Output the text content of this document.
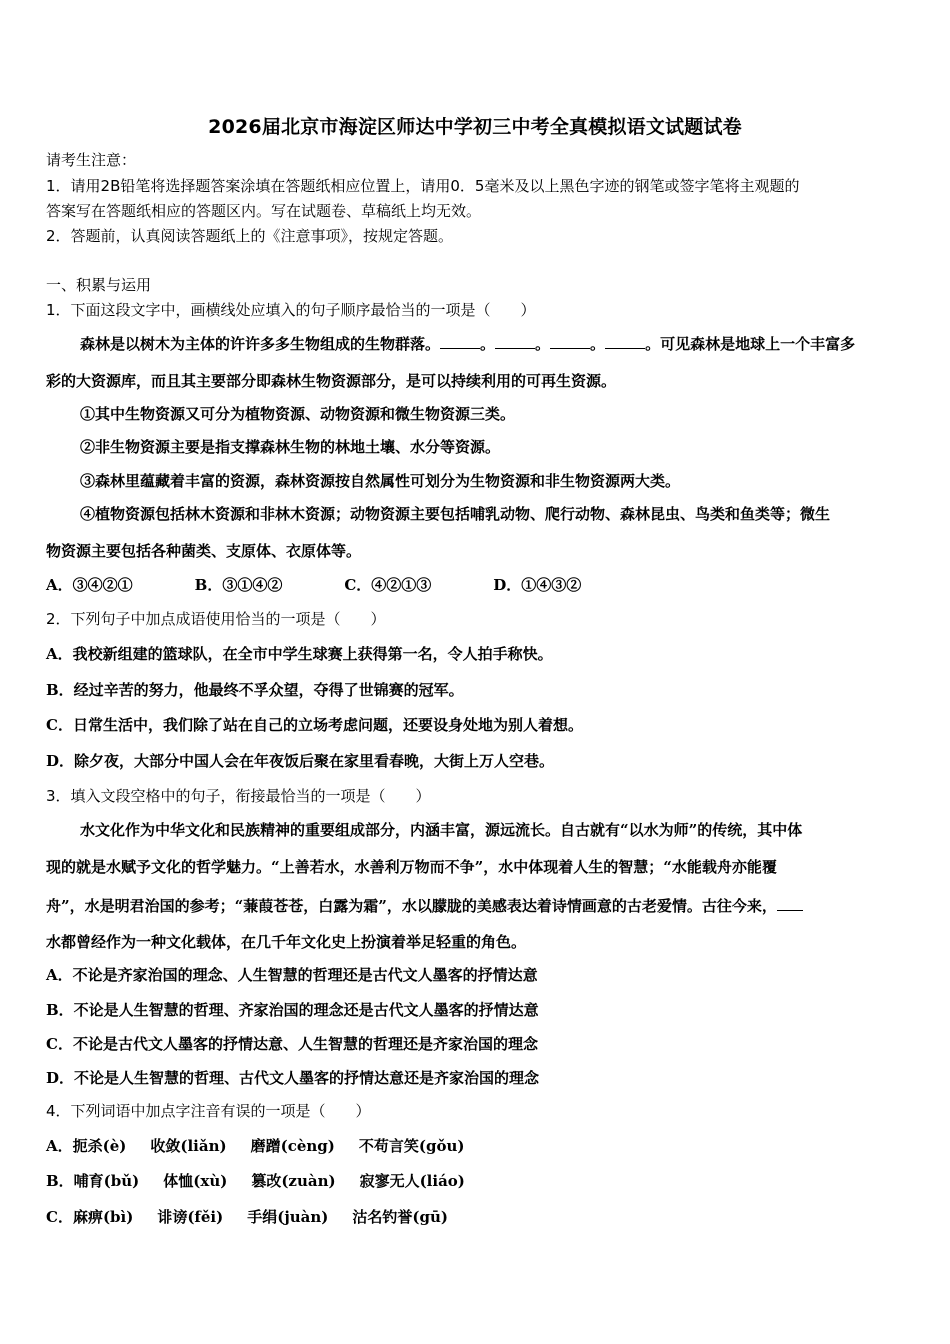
2026届北京市海淀区师达中学初三中考全真模拟语文试题试卷
请考生注意：
1．请用2B铅笔将选择题答案涂填在答题纸相应位置上，请用0．5毫米及以上黑色字迹的钢笔或签字笔将主观题的
答案写在答题纸相应的答题区内。写在试题卷、草稿纸上均无效。
2．答题前，认真阅读答题纸上的《注意事项》，按规定答题。
一、积累与运用
1．下面这段文字中，画横线处应填入的句子顺序最恰当的一项是（　　）
森林是以树木为主体的许许多多生物组成的生物群落。	。	。	。	。可见森林是地球上一个丰富多
彩的大资源库，而且其主要部分即森林生物资源部分，是可以持续利用的可再生资源。
①其中生物资源又可分为植物资源、动物资源和微生物资源三类。
②非生物资源主要是指支撑森林生物的林地土壤、水分等资源。
③森林里蕴藏着丰富的资源，森林资源按自然属性可划分为生物资源和非生物资源两大类。
④植物资源包括林木资源和非林木资源；动物资源主要包括哺乳动物、爬行动物、森林昆虫、鸟类和鱼类等；微生
物资源主要包括各种菌类、支原体、衣原体等。
A．③④②①	B．③①④②	C．④②①③	D．①④③②
2．下列句子中加点成语使用恰当的一项是（　　）
A．我校新组建的篮球队，在全市中学生球赛上获得第一名，令人拍手称快。
B．经过辛苦的努力，他最终不孚众望，夺得了世锦赛的冠军。
C．日常生活中，我们除了站在自己的立场考虑问题，还要设身处地为别人着想。
D．除夕夜，大部分中国人会在年夜饭后聚在家里看春晚，大街上万人空巷。
3．填入文段空格中的句子，衔接最恰当的一项是（　　）
水文化作为中华文化和民族精神的重要组成部分，内涵丰富，源远流长。自古就有“以水为师”的传统，其中体
现的就是水赋予文化的哲学魅力。“上善若水，水善利万物而不争”，水中体现着人生的智慧；“水能载舟亦能覆
舟”，水是明君治国的参考；“蒹葭苍苍，白露为霜”，水以朦胧的美感表达着诗情画意的古老爱情。古往今来，
水都曾经作为一种文化载体，在几千年文化史上扮演着举足轻重的角色。
A．不论是齐家治国的理念、人生智慧的哲理还是古代文人墨客的抒情达意
B．不论是人生智慧的哲理、齐家治国的理念还是古代文人墨客的抒情达意
C．不论是古代文人墨客的抒情达意、人生智慧的哲理还是齐家治国的理念
D．不论是人生智慧的哲理、古代文人墨客的抒情达意还是齐家治国的理念
4．下列词语中加点字注音有误的一项是（　　）
A．扼杀(è) 收敛(liǎn) 磨蹭(cèng) 不苟言笑(gǒu)
B．哺育(bǔ) 体恤(xù) 篡改(zuàn) 寂寥无人(liáo)
C．麻痹(bì) 诽谤(fěi) 手绢(juàn) 沽名钓誉(gū)
